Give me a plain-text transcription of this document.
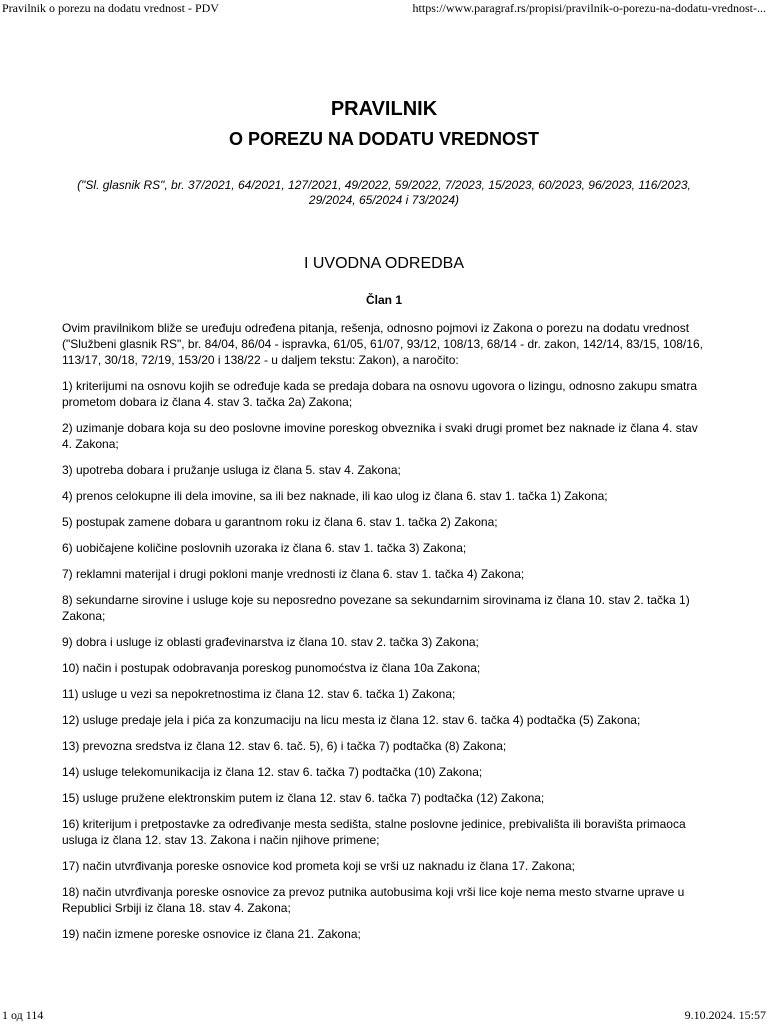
Pravilnik o porezu na dodatu vrednost - PDV	https://www.paragraf.rs/propisi/pravilnik-o-porezu-na-dodatu-vrednost-...
PRAVILNIK
O POREZU NA DODATU VREDNOST

("Sl. glasnik RS", br. 37/2021, 64/2021, 127/2021, 49/2022, 59/2022, 7/2023, 15/2023, 60/2023, 96/2023, 116/2023, 29/2024, 65/2024 i 73/2024)

I UVODNA ODREDBA

Član 1

Ovim pravilnikom bliže se uređuju određena pitanja, rešenja, odnosno pojmovi iz Zakona o porezu na dodatu vrednost ("Službeni glasnik RS", br. 84/04, 86/04 - ispravka, 61/05, 61/07, 93/12, 108/13, 68/14 - dr. zakon, 142/14, 83/15, 108/16, 113/17, 30/18, 72/19, 153/20 i 138/22 - u daljem tekstu: Zakon), a naročito:

1) kriterijumi na osnovu kojih se određuje kada se predaja dobara na osnovu ugovora o lizingu, odnosno zakupu smatra prometom dobara iz člana 4. stav 3. tačka 2a) Zakona;
2) uzimanje dobara koja su deo poslovne imovine poreskog obveznika i svaki drugi promet bez naknade iz člana 4. stav 4. Zakona;
3) upotreba dobara i pružanje usluga iz člana 5. stav 4. Zakona;
4) prenos celokupne ili dela imovine, sa ili bez naknade, ili kao ulog iz člana 6. stav 1. tačka 1) Zakona;
5) postupak zamene dobara u garantnom roku iz člana 6. stav 1. tačka 2) Zakona;
6) uobičajene količine poslovnih uzoraka iz člana 6. stav 1. tačka 3) Zakona;
7) reklamni materijal i drugi pokloni manje vrednosti iz člana 6. stav 1. tačka 4) Zakona;
8) sekundarne sirovine i usluge koje su neposredno povezane sa sekundarnim sirovinama iz člana 10. stav 2. tačka 1) Zakona;
9) dobra i usluge iz oblasti građevinarstva iz člana 10. stav 2. tačka 3) Zakona;
10) način i postupak odobravanja poreskog punomoćstva iz člana 10a Zakona;
11) usluge u vezi sa nepokretnostima iz člana 12. stav 6. tačka 1) Zakona;
12) usluge predaje jela i pića za konzumaciju na licu mesta iz člana 12. stav 6. tačka 4) podtačka (5) Zakona;
13) prevozna sredstva iz člana 12. stav 6. tač. 5), 6) i tačka 7) podtačka (8) Zakona;
14) usluge telekomunikacija iz člana 12. stav 6. tačka 7) podtačka (10) Zakona;
15) usluge pružene elektronskim putem iz člana 12. stav 6. tačka 7) podtačka (12) Zakona;
16) kriterijum i pretpostavke za određivanje mesta sedišta, stalne poslovne jedinice, prebivališta ili boravišta primaoca usluga iz člana 12. stav 13. Zakona i način njihove primene;
17) način utvrđivanja poreske osnovice kod prometa koji se vrši uz naknadu iz člana 17. Zakona;
18) način utvrđivanja poreske osnovice za prevoz putnika autobusima koji vrši lice koje nema mesto stvarne uprave u Republici Srbiji iz člana 18. stav 4. Zakona;
19) način izmene poreske osnovice iz člana 21. Zakona;
1 од 114	9.10.2024. 15:57
